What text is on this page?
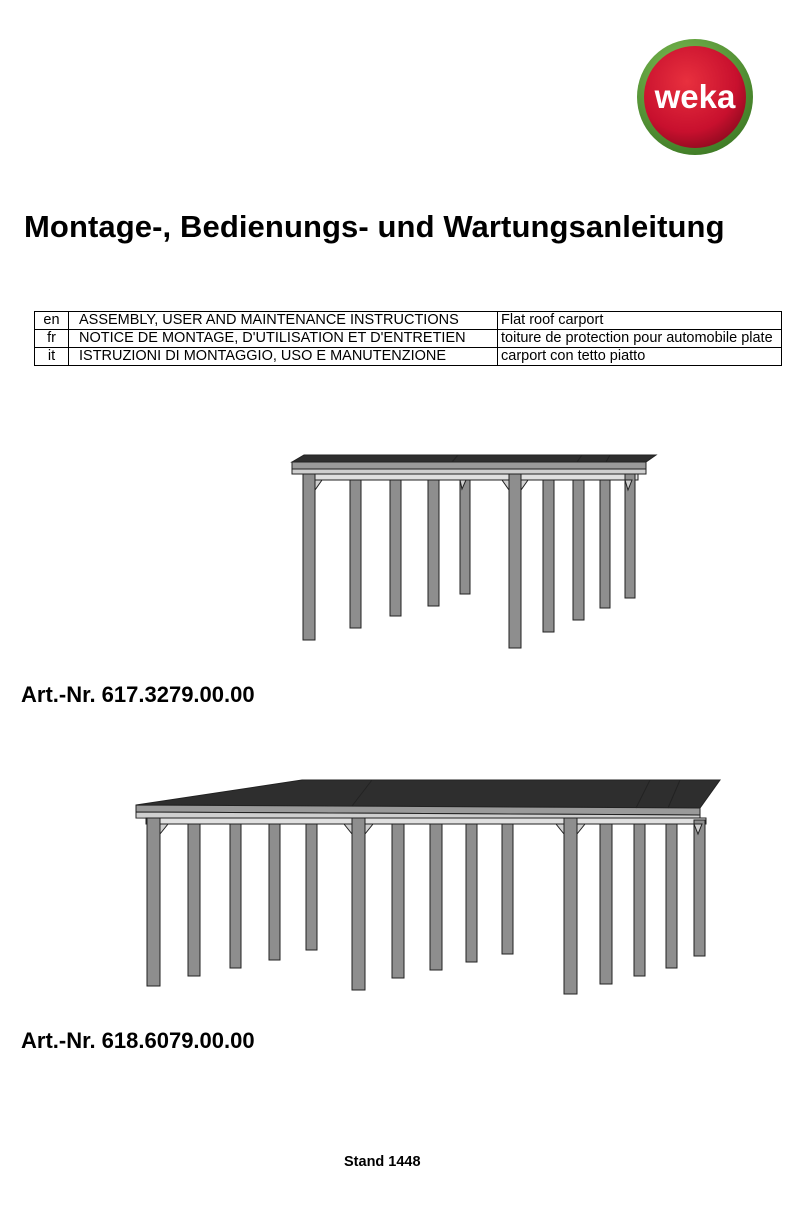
weka
Montage-, Bedienungs- und Wartungsanleitung
en	ASSEMBLY, USER AND MAINTENANCE INSTRUCTIONS	Flat roof carport
fr	NOTICE DE MONTAGE, D'UTILISATION ET D'ENTRETIEN	toiture de protection pour automobile plate
it	ISTRUZIONI DI MONTAGGIO, USO E MANUTENZIONE	carport con tetto piatto
Art.-Nr. 617.3279.00.00
Art.-Nr. 618.6079.00.00
Stand 1448
